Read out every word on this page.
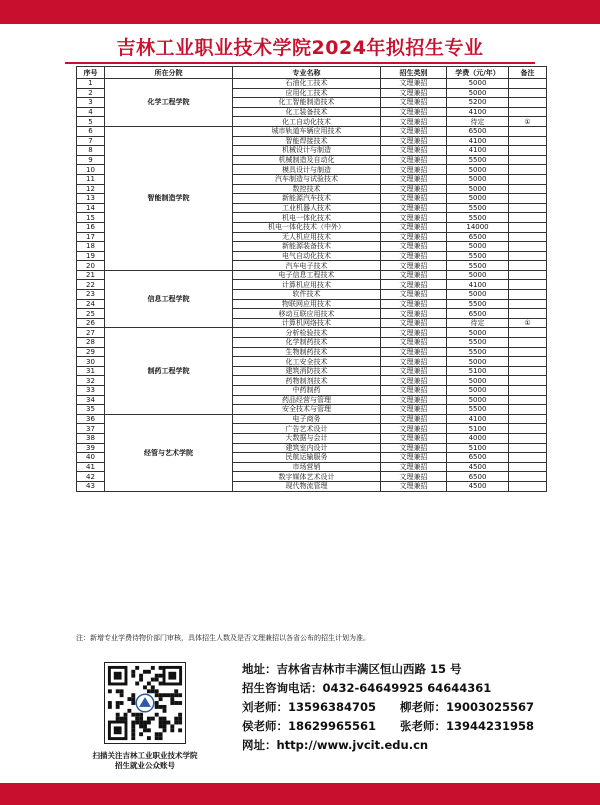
吉林工业职业技术学院2024年拟招生专业
序号	所在分院	专业名称	招生类别	学费（元/年）	备注
1	化学工程学院	石油化工技术	文理兼招	5000	
2		应用化工技术	文理兼招	5000	
3		化工智能制造技术	文理兼招	5200	
4		化工装备技术	文理兼招	4100	
5		化工自动化技术	文理兼招	待定	①
6	智能制造学院	城市轨道车辆应用技术	文理兼招	6500	
7		智能焊接技术	文理兼招	4100	
8		机械设计与制造	文理兼招	4100	
9		机械制造及自动化	文理兼招	5500	
10		模具设计与制造	文理兼招	5000	
11		汽车制造与试验技术	文理兼招	5000	
12		数控技术	文理兼招	5000	
13		新能源汽车技术	文理兼招	5000	
14		工业机器人技术	文理兼招	5500	
15		机电一体化技术	文理兼招	5500	
16		机电一体化技术（中外）	文理兼招	14000	
17		无人机应用技术	文理兼招	6500	
18		新能源装备技术	文理兼招	5000	
19		电气自动化技术	文理兼招	5500	
20		汽车电子技术	文理兼招	5500	
21	信息工程学院	电子信息工程技术	文理兼招	5000	
22		计算机应用技术	文理兼招	4100	
23		软件技术	文理兼招	5000	
24		物联网应用技术	文理兼招	5500	
25		移动互联应用技术	文理兼招	6500	
26		计算机网络技术	文理兼招	待定	①
27	制药工程学院	分析检验技术	文理兼招	5000	
28		化学制药技术	文理兼招	5500	
29		生物制药技术	文理兼招	5500	
30		化工安全技术	文理兼招	5000	
31		建筑消防技术	文理兼招	5100	
32		药物制剂技术	文理兼招	5000	
33		中药制药	文理兼招	5000	
34		药品经营与管理	文理兼招	5000	
35		安全技术与管理	文理兼招	5500	
36	经管与艺术学院	电子商务	文理兼招	4100	
37		广告艺术设计	文理兼招	5100	
38		大数据与会计	文理兼招	4000	
39		建筑室内设计	文理兼招	5100	
40		民航运输服务	文理兼招	6500	
41		市场营销	文理兼招	4500	
42		数字媒体艺术设计	文理兼招	6500	
43		现代物流管理	文理兼招	4500	
注：新增专业学费待物价部门审核，具体招生人数及是否文理兼招以各省公布的招生计划为准。
扫描关注吉林工业职业技术学院
招生就业公众账号
地址：吉林省吉林市丰满区恒山西路 15 号
招生咨询电话：0432-64649925 64644361
刘老师：13596384705 柳老师：19003025567
侯老师：18629965561 张老师：13944231958
网址：http://www.jvcit.edu.cn
